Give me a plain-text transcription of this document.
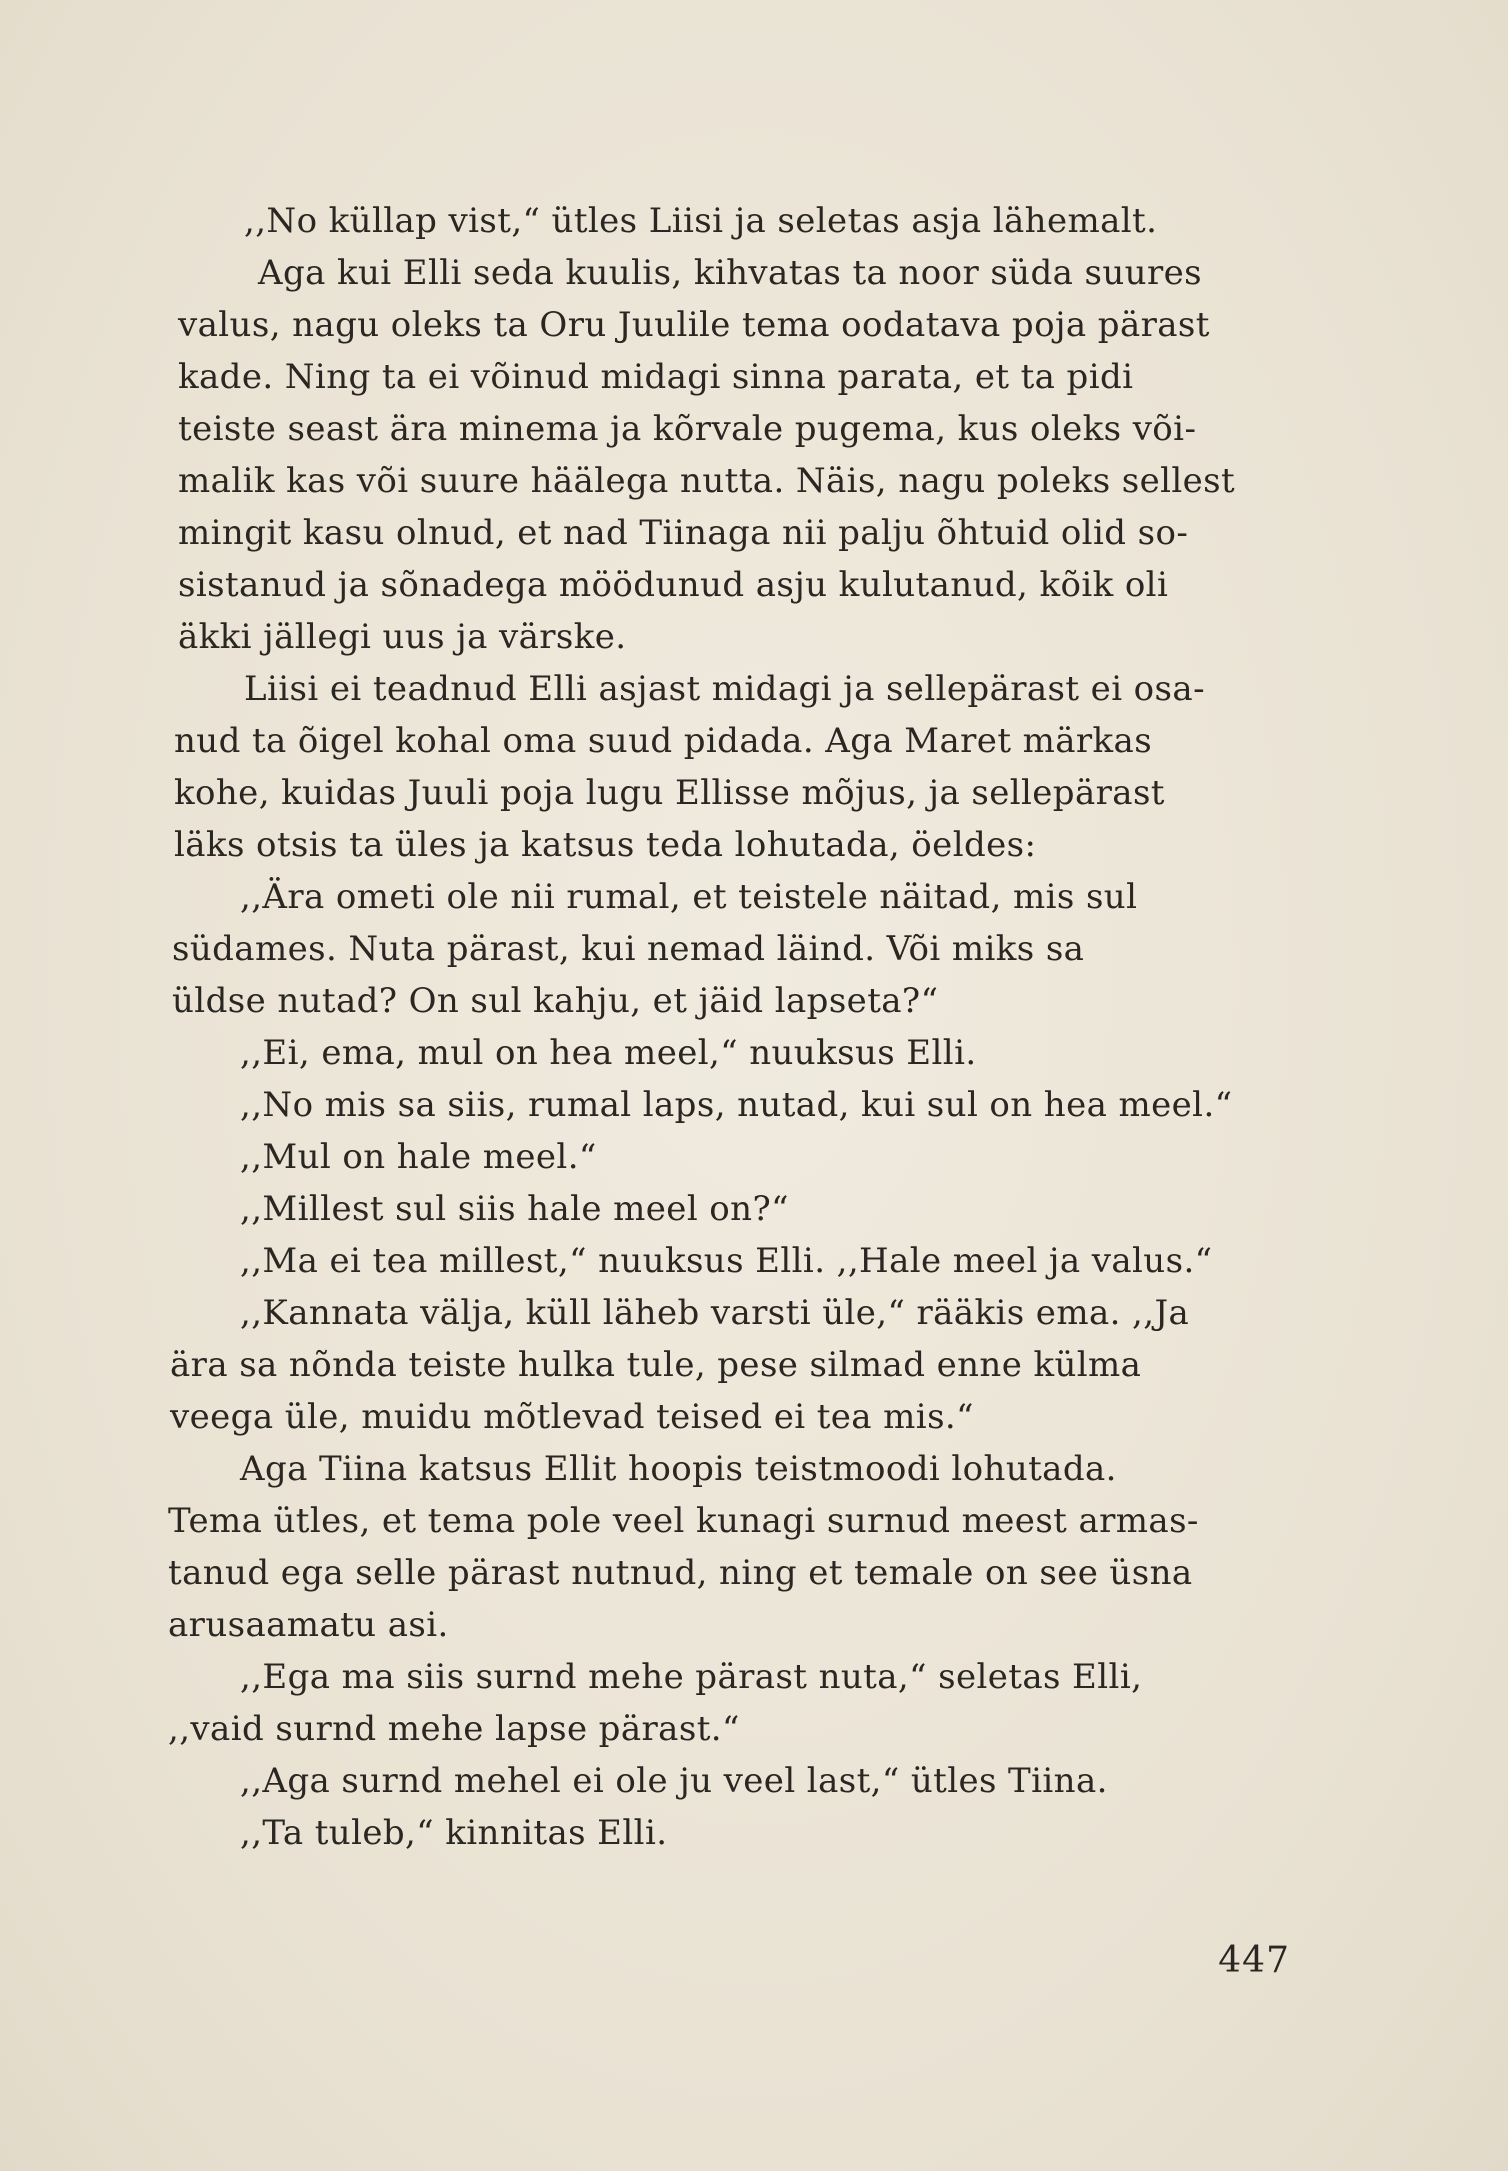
,,No küllap vist,“ ütles Liisi ja seletas asja lähemalt.
Aga kui Elli seda kuulis, kihvatas ta noor süda suures
valus, nagu oleks ta Oru Juulile tema oodatava poja pärast
kade. Ning ta ei võinud midagi sinna parata, et ta pidi
teiste seast ära minema ja kõrvale pugema, kus oleks või-
malik kas või suure häälega nutta. Näis, nagu poleks sellest
mingit kasu olnud, et nad Tiinaga nii palju õhtuid olid so-
sistanud ja sõnadega möödunud asju kulutanud, kõik oli
äkki jällegi uus ja värske.
Liisi ei teadnud Elli asjast midagi ja sellepärast ei osa-
nud ta õigel kohal oma suud pidada. Aga Maret märkas
kohe, kuidas Juuli poja lugu Ellisse mõjus, ja sellepärast
läks otsis ta üles ja katsus teda lohutada, öeldes:
,,Ära ometi ole nii rumal, et teistele näitad, mis sul
südames. Nuta pärast, kui nemad läind. Või miks sa
üldse nutad? On sul kahju, et jäid lapseta?“
,,Ei, ema, mul on hea meel,“ nuuksus Elli.
,,No mis sa siis, rumal laps, nutad, kui sul on hea meel.“
,,Mul on hale meel.“
,,Millest sul siis hale meel on?“
,,Ma ei tea millest,“ nuuksus Elli. ,,Hale meel ja valus.“
,,Kannata välja, küll läheb varsti üle,“ rääkis ema. ,,Ja
ära sa nõnda teiste hulka tule, pese silmad enne külma
veega üle, muidu mõtlevad teised ei tea mis.“
Aga Tiina katsus Ellit hoopis teistmoodi lohutada.
Tema ütles, et tema pole veel kunagi surnud meest armas-
tanud ega selle pärast nutnud, ning et temale on see üsna
arusaamatu asi.
,,Ega ma siis surnd mehe pärast nuta,“ seletas Elli,
,,vaid surnd mehe lapse pärast.“
,,Aga surnd mehel ei ole ju veel last,“ ütles Tiina.
,,Ta tuleb,“ kinnitas Elli.
447
